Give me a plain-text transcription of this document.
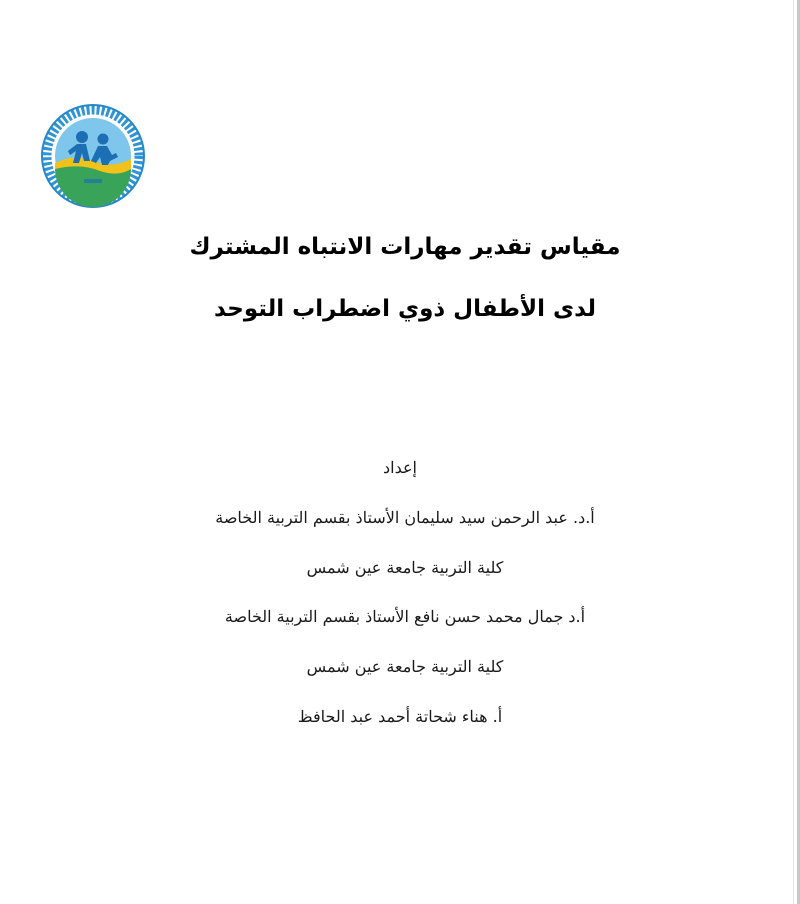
مقياس تقدير مهارات الانتباه المشترك
لدى الأطفال ذوي اضطراب التوحد
إعداد
أ.د. عبد الرحمن سيد سليمان الأستاذ بقسم التربية الخاصة
كلية التربية جامعة عين شمس
أ.د جمال محمد حسن نافع الأستاذ بقسم التربية الخاصة
كلية التربية جامعة عين شمس
أ. هناء شحاتة أحمد عبد الحافظ
